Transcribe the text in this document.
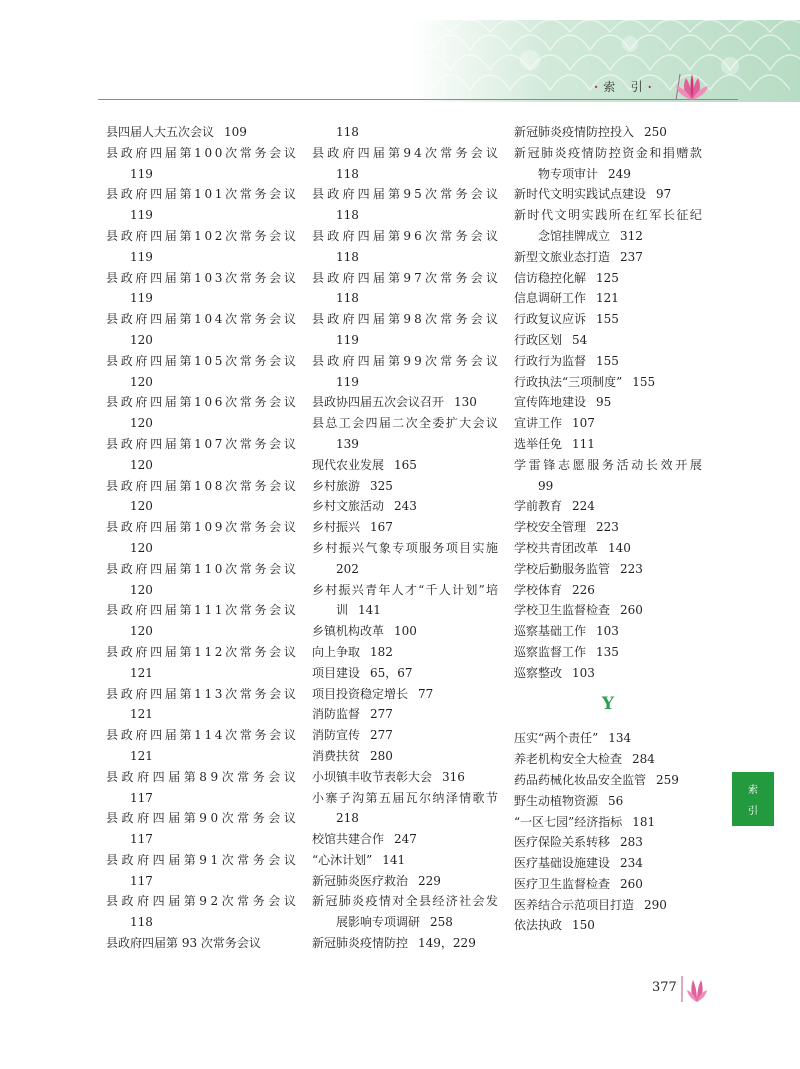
· 索 引 ·
县四届人大五次会议 109
县 政 府 四 届 第 1 0 0 次 常 务 会 议
119
县 政 府 四 届 第 1 0 1 次 常 务 会 议
119
县 政 府 四 届 第 1 0 2 次 常 务 会 议
119
县 政 府 四 届 第 1 0 3 次 常 务 会 议
119
县 政 府 四 届 第 1 0 4 次 常 务 会 议
120
县 政 府 四 届 第 1 0 5 次 常 务 会 议
120
县 政 府 四 届 第 1 0 6 次 常 务 会 议
120
县 政 府 四 届 第 1 0 7 次 常 务 会 议
120
县 政 府 四 届 第 1 0 8 次 常 务 会 议
120
县 政 府 四 届 第 1 0 9 次 常 务 会 议
120
县 政 府 四 届 第 1 1 0 次 常 务 会 议
120
县 政 府 四 届 第 1 1 1 次 常 务 会 议
120
县 政 府 四 届 第 1 1 2 次 常 务 会 议
121
县 政 府 四 届 第 1 1 3 次 常 务 会 议
121
县 政 府 四 届 第 1 1 4 次 常 务 会 议
121
县 政 府 四 届 第 8 9 次 常 务 会 议
117
县 政 府 四 届 第 9 0 次 常 务 会 议
117
县 政 府 四 届 第 9 1 次 常 务 会 议
117
县 政 府 四 届 第 9 2 次 常 务 会 议
118
县政府四届第 93 次常务会议
118
县 政 府 四 届 第 9 4 次 常 务 会 议
118
县 政 府 四 届 第 9 5 次 常 务 会 议
118
县 政 府 四 届 第 9 6 次 常 务 会 议
118
县 政 府 四 届 第 9 7 次 常 务 会 议
118
县 政 府 四 届 第 9 8 次 常 务 会 议
119
县 政 府 四 届 第 9 9 次 常 务 会 议
119
县政协四届五次会议召开 130
县 总 工 会 四 届 二 次 全 委 扩 大 会 议
139
现代农业发展 165
乡村旅游 325
乡村文旅活动 243
乡村振兴 167
乡 村 振 兴 气 象 专 项 服 务 项 目 实 施
202
乡 村 振 兴 青 年 人 才 “ 千 人 计 划 ” 培
训 141
乡镇机构改革 100
向上争取 182
项目建设 65，67
项目投资稳定增长 77
消防监督 277
消防宣传 277
消费扶贫 280
小坝镇丰收节表彰大会 316
小 寨 子 沟 第 五 届 瓦 尔 纳 泽 情 歌 节
218
校馆共建合作 247
“心沐计划” 141
新冠肺炎医疗救治 229
新 冠 肺 炎 疫 情 对 全 县 经 济 社 会 发
展影响专项调研 258
新冠肺炎疫情防控 149，229
新冠肺炎疫情防控投入 250
新 冠 肺 炎 疫 情 防 控 资 金 和 捐 赠 款
物专项审计 249
新时代文明实践试点建设 97
新 时 代 文 明 实 践 所 在 红 军 长 征 纪
念馆挂牌成立 312
新型文旅业态打造 237
信访稳控化解 125
信息调研工作 121
行政复议应诉 155
行政区划 54
行政行为监督 155
行政执法“三项制度” 155
宣传阵地建设 95
宣讲工作 107
选举任免 111
学 雷 锋 志 愿 服 务 活 动 长 效 开 展
99
学前教育 224
学校安全管理 223
学校共青团改革 140
学校后勤服务监管 223
学校体育 226
学校卫生监督检查 260
巡察基础工作 103
巡察监督工作 135
巡察整改 103
Y
压实“两个责任” 134
养老机构安全大检查 284
药品药械化妆品安全监管 259
野生动植物资源 56
“一区七园”经济指标 181
医疗保险关系转移 283
医疗基础设施建设 234
医疗卫生监督检查 260
医养结合示范项目打造 290
依法执政 150
索
引
377
